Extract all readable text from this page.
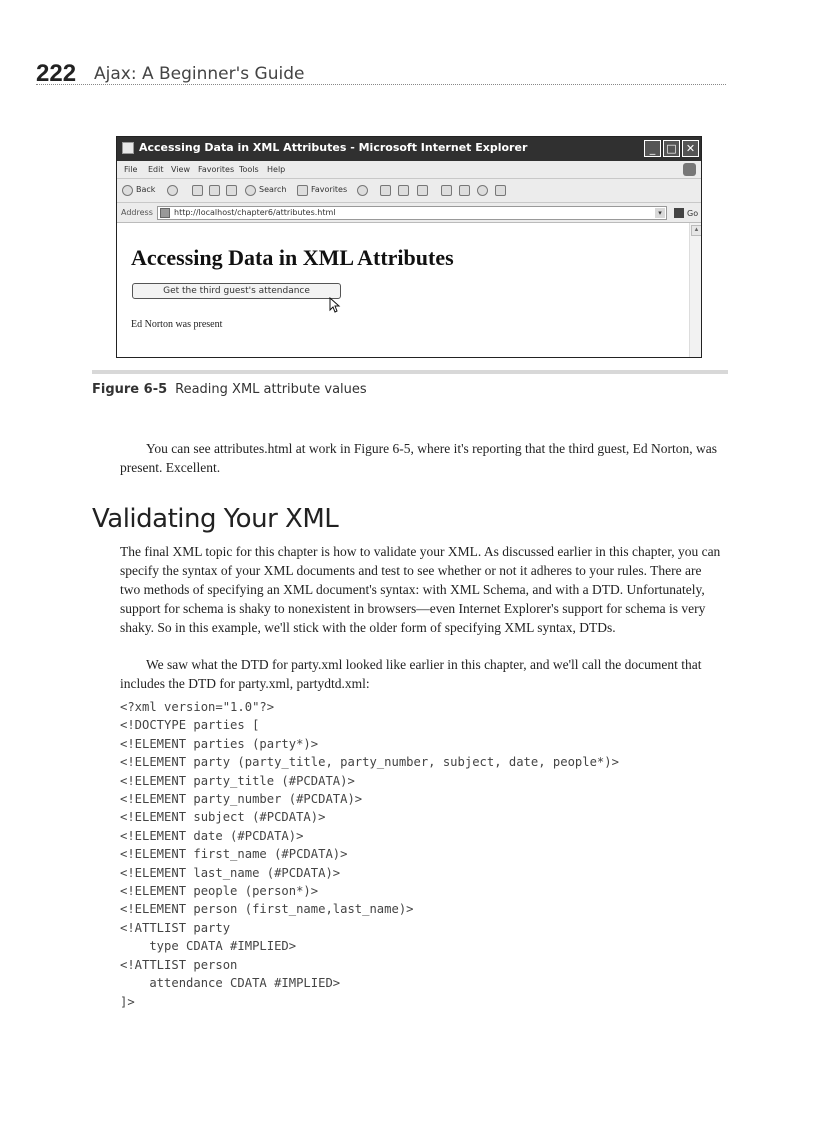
222 Ajax: A Beginner's Guide
Accessing Data in XML Attributes - Microsoft Internet Explorer	_	□ ✕
File Edit View Favorites Tools Help
Back	Search	Favorites
Address	http://localhost/chapter6/attributes.html	▾	Go
Accessing Data in XML Attributes
Get the third guest's attendance
Ed Norton was present
▲
Figure 6-5 Reading XML attribute values

You can see attributes.html at work in Figure 6-5, where it's reporting that the third guest, Ed Norton, was present. Excellent.

Validating Your XML

The final XML topic for this chapter is how to validate your XML. As discussed earlier in this chapter, you can specify the syntax of your XML documents and test to see whether or not it adheres to your rules. There are two methods of specifying an XML document's syntax: with XML Schema, and with a DTD. Unfortunately, support for schema is shaky to nonexistent in browsers—even Internet Explorer's support for schema is very shaky. So in this example, we'll stick with the older form of specifying XML syntax, DTDs.

We saw what the DTD for party.xml looked like earlier in this chapter, and we'll call the document that includes the DTD for party.xml, partydtd.xml:

<?xml version="1.0"?>
<!DOCTYPE parties [
<!ELEMENT parties (party*)>
<!ELEMENT party (party_title, party_number, subject, date, people*)>
<!ELEMENT party_title (#PCDATA)>
<!ELEMENT party_number (#PCDATA)>
<!ELEMENT subject (#PCDATA)>
<!ELEMENT date (#PCDATA)>
<!ELEMENT first_name (#PCDATA)>
<!ELEMENT last_name (#PCDATA)>
<!ELEMENT people (person*)>
<!ELEMENT person (first_name,last_name)>
<!ATTLIST party
type CDATA #IMPLIED>
<!ATTLIST person
attendance CDATA #IMPLIED>
]>
